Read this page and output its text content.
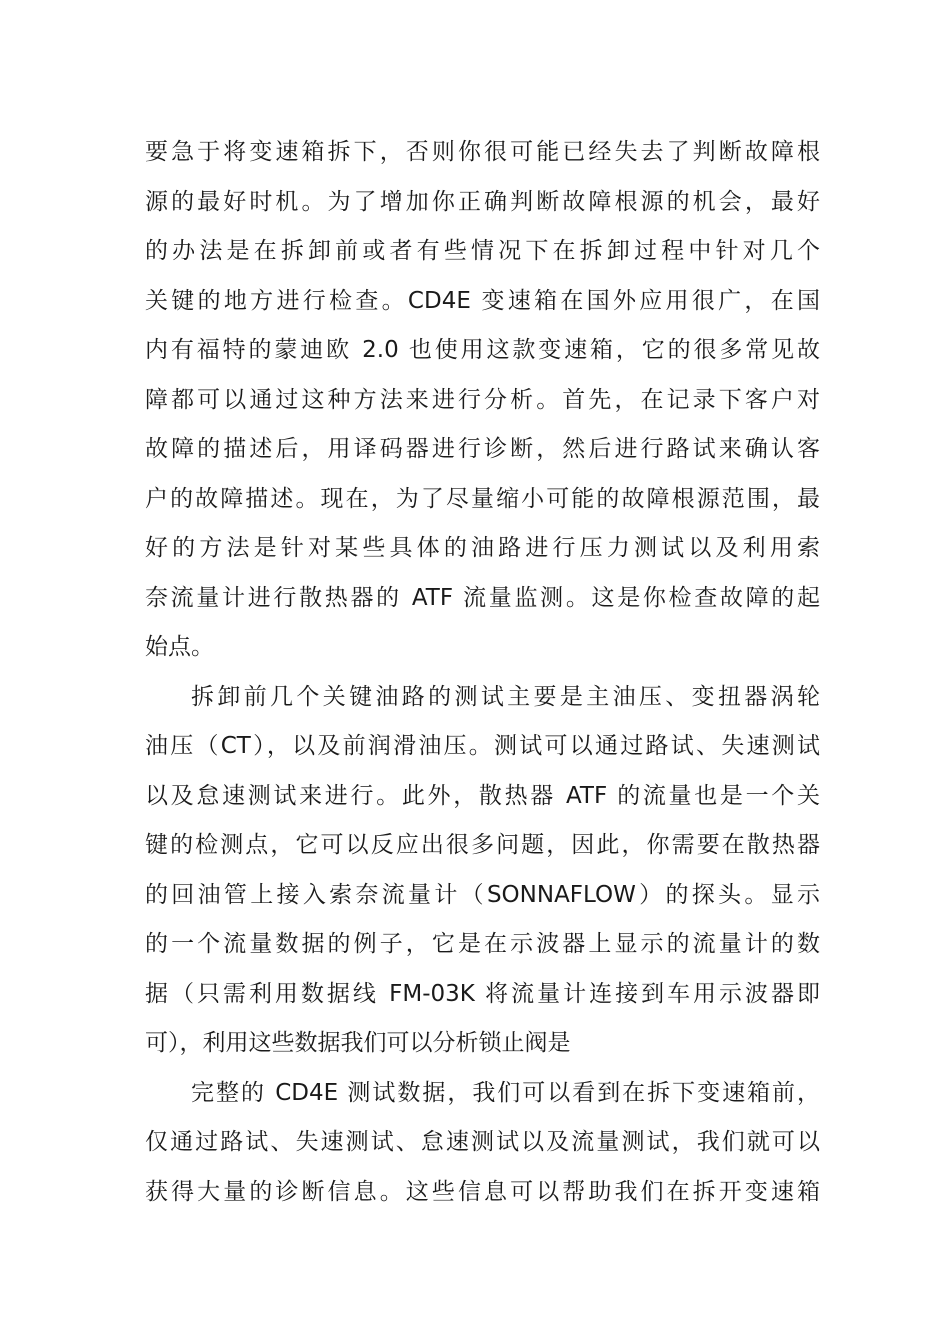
要急于将变速箱拆下，否则你很可能已经失去了判断故障根
源的最好时机。为了增加你正确判断故障根源的机会，最好
的办法是在拆卸前或者有些情况下在拆卸过程中针对几个
关键的地方进行检查。CD4E 变速箱在国外应用很广，在国
内有福特的蒙迪欧 2.0 也使用这款变速箱，它的很多常见故
障都可以通过这种方法来进行分析。首先，在记录下客户对
故障的描述后，用译码器进行诊断，然后进行路试来确认客
户的故障描述。现在，为了尽量缩小可能的故障根源范围，最
好的方法是针对某些具体的油路进行压力测试以及利用索
奈流量计进行散热器的 ATF 流量监测。这是你检查故障的起
始点。
拆卸前几个关键油路的测试主要是主油压、变扭器涡轮
油压（CT），以及前润滑油压。测试可以通过路试、失速测试
以及怠速测试来进行。此外，散热器 ATF 的流量也是一个关
键的检测点，它可以反应出很多问题，因此，你需要在散热器
的回油管上接入索奈流量计（SONNAFLOW）的探头。显示
的一个流量数据的例子，它是在示波器上显示的流量计的数
据（只需利用数据线 FM-03K 将流量计连接到车用示波器即
可），利用这些数据我们可以分析锁止阀是
完整的 CD4E 测试数据，我们可以看到在拆下变速箱前，
仅通过路试、失速测试、怠速测试以及流量测试，我们就可以
获得大量的诊断信息。这些信息可以帮助我们在拆开变速箱
